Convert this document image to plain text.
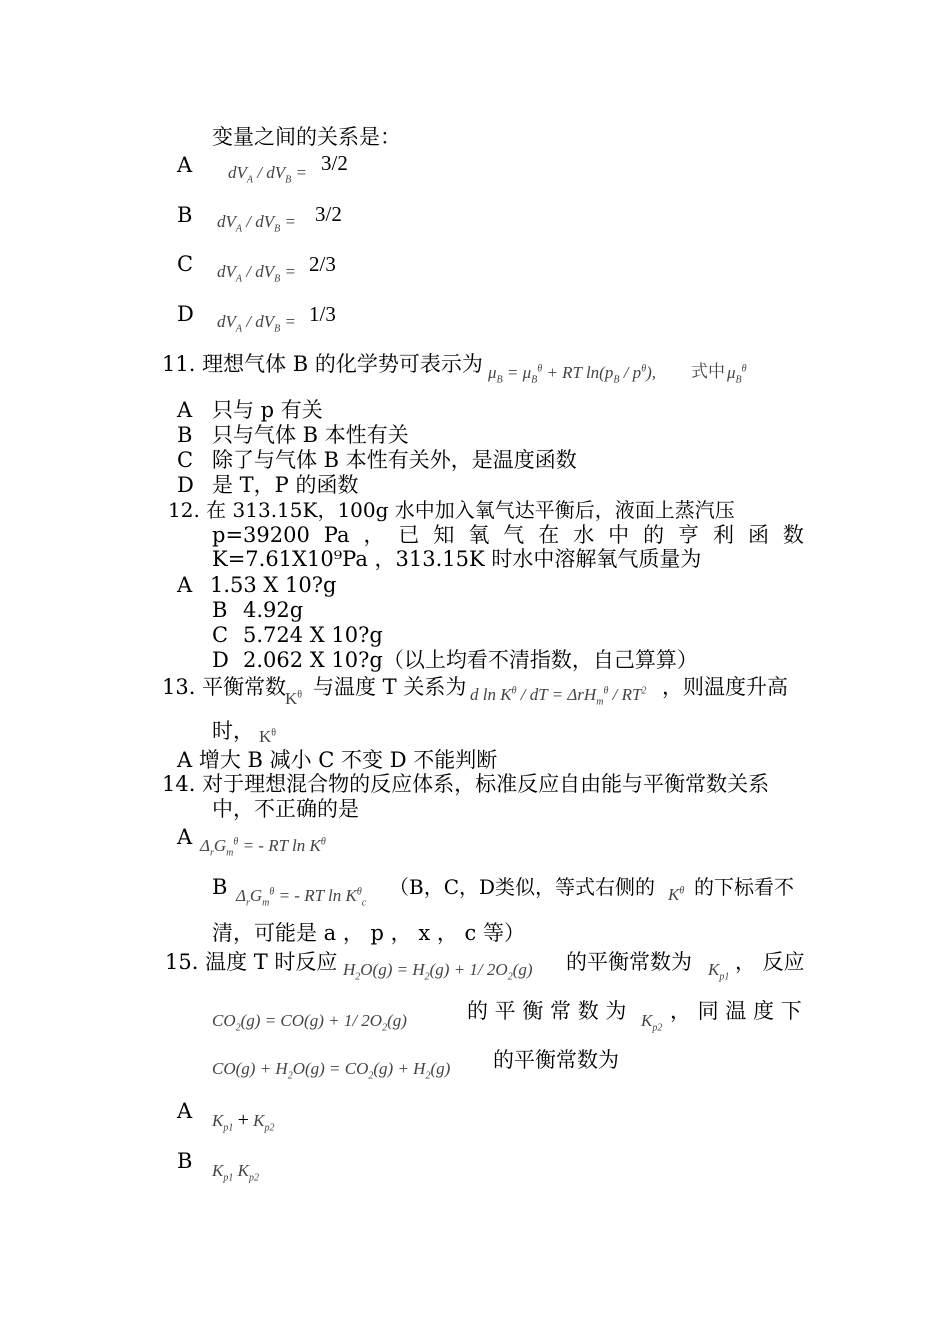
变量之间的关系是：
A $dV_A / dV_B = 3/2$
B $dV_A / dV_B = 3/2$
C $dV_A / dV_B = 2/3$
D $dV_A / dV_B = 1/3$
11. 理想气体 B 的化学势可表示为 $\mu_B = \mu_B^\theta$ + RT $\ln(p_B / p^\theta)$, 式中 $\mu_B^\theta$
A 只与 p 有关
B 只与气体 B 本性有关
C 除了与气体 B 本性有关外，是温度函数
D 是 T，P 的函数
12. 在 313.15K，100g 水中加入氧气达平衡后，液面上蒸汽压
p=39200 Pa ， 已 知 氧 气 在 水 中 的 亨 利 函 数
K=7.61X10⁹Pa ，313.15K 时水中溶解氧气质量为
A 1.53 X 10?g
B 4.92g
C 5.724 X 10?g
D 2.062 X 10?g（以上均看不清指数，自己算算）
13. 平衡常数
$K^\theta$ 与温度 T 关系为 d $\ln K^\theta$ / dT = $\Delta rH_m^\theta / RT^2$ ，则温度升高
时， $K^\theta$
A 增大 B 减小 C 不变 D 不能判断
14. 对于理想混合物的反应体系，标准反应自由能与平衡常数关系
中，不正确的是
A $\Delta_rG_m^\theta$ = - RT $\ln K^\theta$
B $\Delta_rG_m^\theta$ = - RT $\ln K^\theta_c$
（B，C，D类似，等式右侧的 $K^\theta$ 的下标看不
清，可能是 a ， p ， x ， c 等）
15. 温度 T 时反应 $H_2O(g) = H_2(g) + 1/$ $2O_2(g)$ 的平衡常数为 $K_{p1}$
， 反应
$CO_2(g) = CO(g) + 1/$ $2O_2(g)$	的 平 衡 常 数 为 $K_{p2}$
， 同 温 度 下
$CO(g) + H_2O(g) = CO_2(g) + H_2(g)$ 的平衡常数为
A $K_{p1} + K_{p2}$
B $K_{p1}$ $K_{p2}$
